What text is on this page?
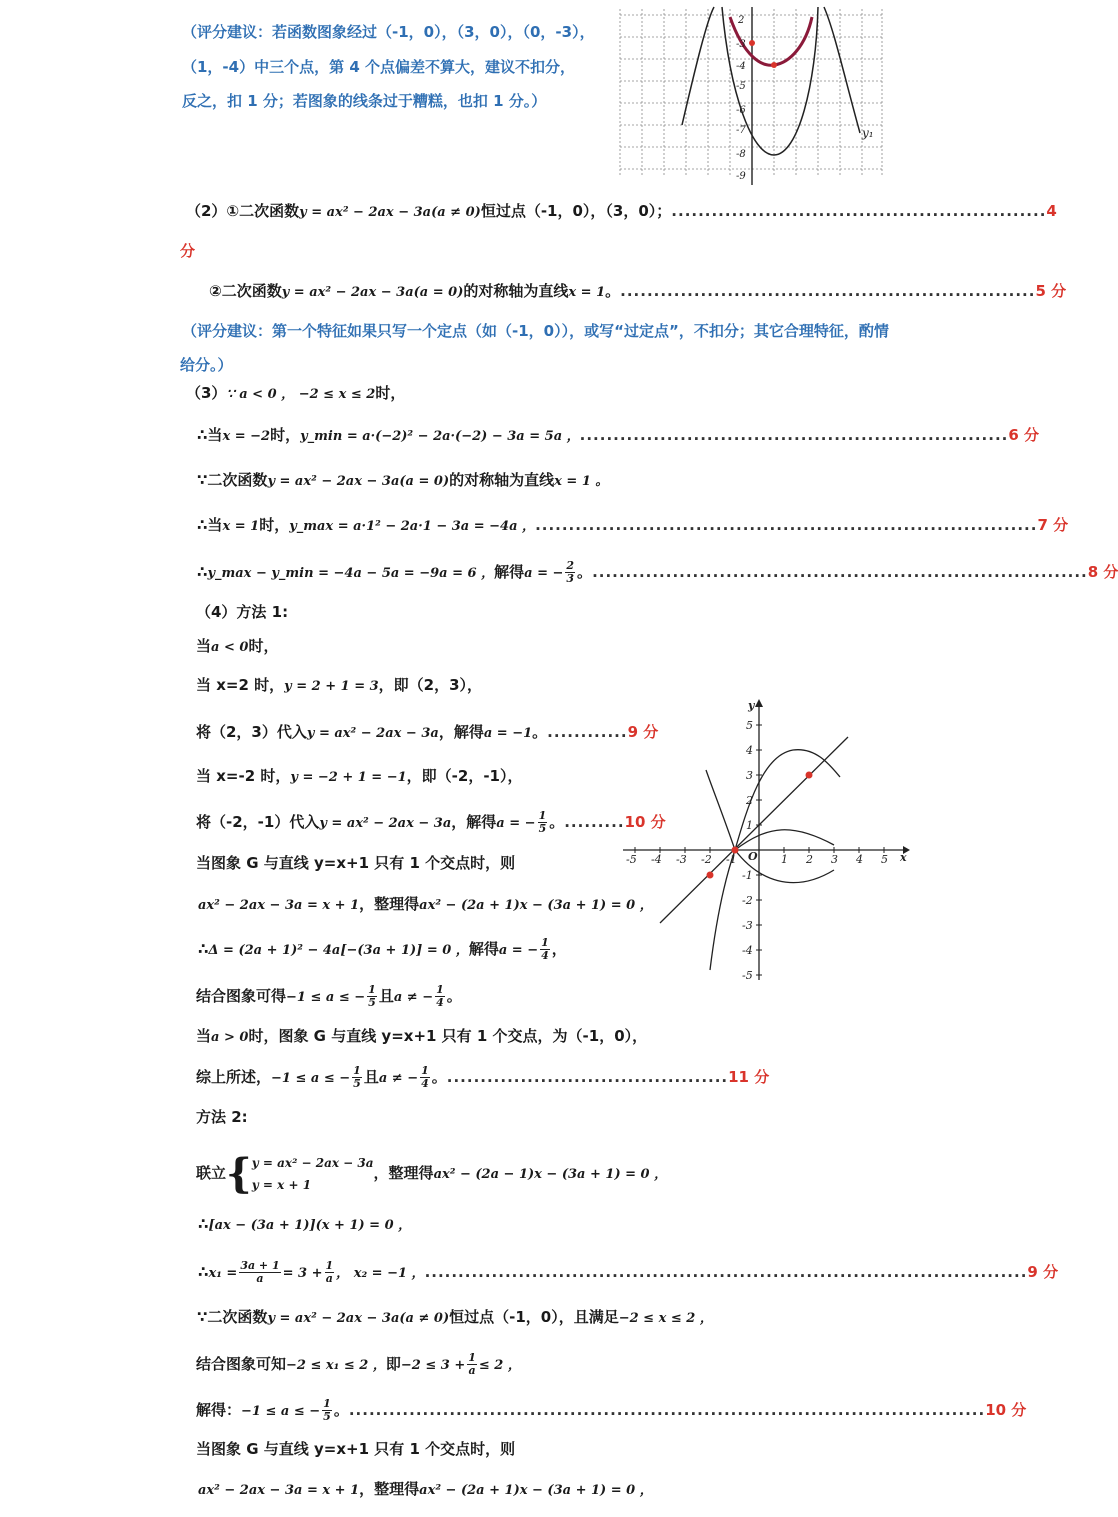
（评分建议：若函数图象经过（-1，0），（3，0），（0，-3），
（1，-4）中三个点，第 4 个点偏差不算大，建议不扣分，
反之，扣 1 分；若图象的线条过于糟糕，也扣 1 分。）
2
-3
-4
-5
-6
-7
-8
-9
y₁
（2）①二次函数y = ax² − 2ax − 3a(a ≠ 0)恒过点（-1，0），（3，0）；........................................................4
分
②二次函数y = ax² − 2ax − 3a(a = 0)的对称轴为直线x = 1。..............................................................5 分
（评分建议：第一个特征如果只写一个定点（如（-1，0）），或写“过定点”，不扣分；其它合理特征，酌情
给分。）
（3）∵ a < 0 ， −2 ≤ x ≤ 2时，
∴当x = −2时，y_min = a·(−2)² − 2a·(−2) − 3a = 5a ，................................................................6 分
∵二次函数y = ax² − 2ax − 3a(a = 0)的对称轴为直线x = 1 。
∴当x = 1时，y_max = a·1² − 2a·1 − 3a = −4a ，...........................................................................7 分
∴y_max − y_min = −4a − 5a = −9a = 6 ，解得a = − $\frac{2}{3}$ 。..........................................................................8 分
（4）方法 1:
当a < 0时，
当 x=2 时，y = 2 + 1 = 3，即（2，3），
将（2，3）代入y = ax² − 2ax − 3a，解得a = −1。............9 分
当 x=-2 时，y = −2 + 1 = −1，即（-2，-1），
将（-2，-1）代入y = ax² − 2ax − 3a，解得a = − $\frac{1}{5}$ 。.........10 分
当图象 G 与直线 y=x+1 只有 1 个交点时，则
ax² − 2ax − 3a = x + 1，整理得ax² − (2a + 1)x − (3a + 1) = 0 ，
∴Δ = (2a + 1)² − 4a[−(3a + 1)] = 0 ，解得a = − $\frac{1}{4}$ ，
结合图象可得−1 ≤ a ≤ − $\frac{1}{5}$ 且a ≠ − $\frac{1}{4}$ 。
当a > 0时，图象 G 与直线 y=x+1 只有 1 个交点，为（-1，0），
综上所述，−1 ≤ a ≤ − $\frac{1}{5}$ 且a ≠ − $\frac{1}{4}$ 。..........................................11 分
-5 -4 -3 -2 -1 O 1 2 3 4 5 x
5
4
3
2
1
-1
-2
-3
-4
-5
y
方法 2:
联立{ y = ax² − 2ax − 3a
y = x + 1
，整理得ax² − (2a − 1)x − (3a + 1) = 0 ，
∴[ax − (3a + 1)](x + 1) = 0 ，
∴x₁ = $\frac{3a + 1}{a} = 3 + \frac{1}{a}$ ， x₂ = −1 ，..........................................................................................9 分
∵二次函数y = ax² − 2ax − 3a(a ≠ 0)恒过点（-1，0），且满足−2 ≤ x ≤ 2 ，
结合图象可知−2 ≤ x₁ ≤ 2 ，即$-2 \le 3 + \frac{1}{a} \le 2$ ，
解得：−1 ≤ a ≤ − $\frac{1}{5}$ 。...............................................................................................10 分
当图象 G 与直线 y=x+1 只有 1 个交点时，则
ax² − 2ax − 3a = x + 1，整理得ax² − (2a + 1)x − (3a + 1) = 0 ，
